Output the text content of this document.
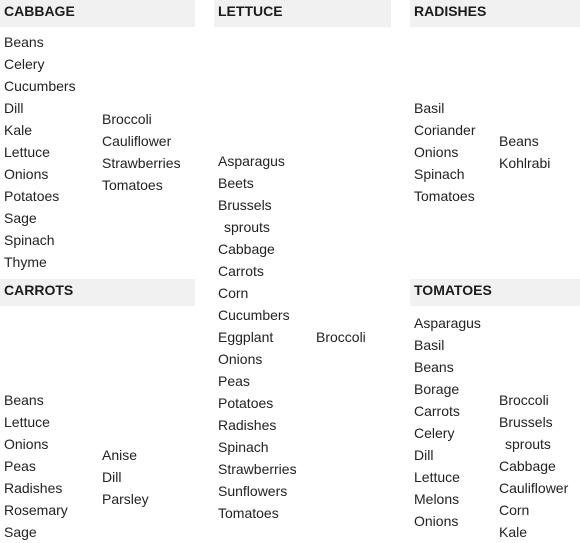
CABBAGE
Beans
Celery
Cucumbers
Dill
Kale
Lettuce
Onions
Potatoes
Sage
Spinach
Thyme
Broccoli
Cauliflower
Strawberries
Tomatoes
LETTUCE
Asparagus
Beets
Brussels
sprouts
Cabbage
Carrots
Corn
Cucumbers
Eggplant
Onions
Peas
Potatoes
Radishes
Spinach
Strawberries
Sunflowers
Tomatoes
Broccoli
RADISHES
Basil
Coriander
Onions
Spinach
Tomatoes
Beans
Kohlrabi
CARROTS
Beans
Lettuce
Onions
Peas
Radishes
Rosemary
Sage
Anise
Dill
Parsley
TOMATOES
Asparagus
Basil
Beans
Borage
Carrots
Celery
Dill
Lettuce
Melons
Onions
Broccoli
Brussels
sprouts
Cabbage
Cauliflower
Corn
Kale
